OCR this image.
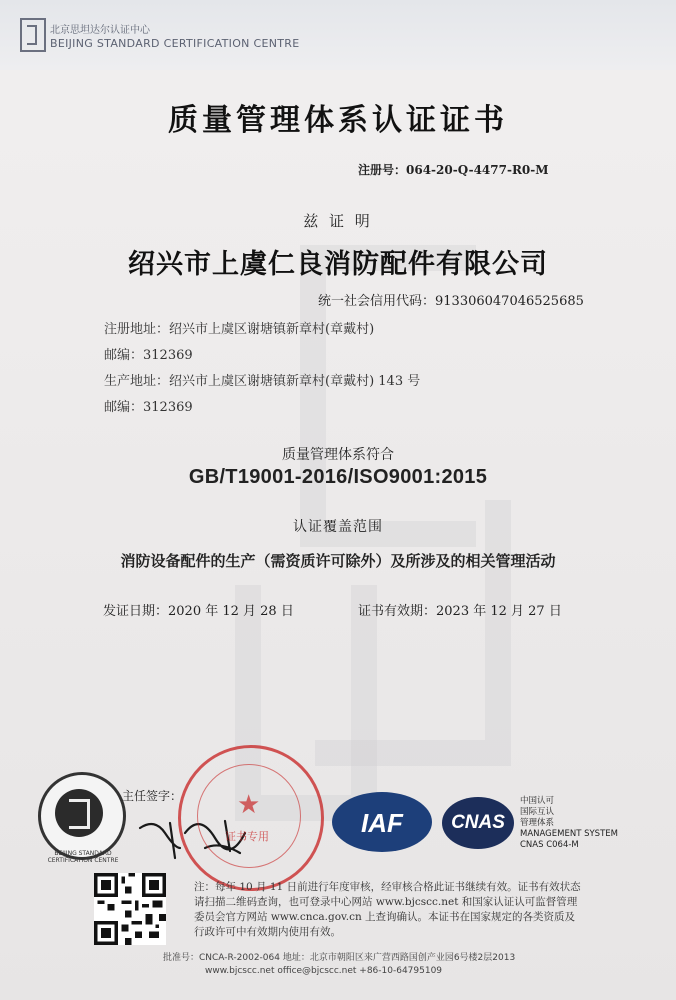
北京思坦达尔认证中心
BEIJING STANDARD CERTIFICATION CENTRE
质量管理体系认证证书
注册号：064-20-Q-4477-R0-M
兹 证 明
绍兴市上虞仁良消防配件有限公司
统一社会信用代码：913306047046525685
注册地址：绍兴市上虞区谢塘镇新章村(章戴村)
邮编：312369
生产地址：绍兴市上虞区谢塘镇新章村(章戴村) 143 号
邮编：312369
质量管理体系符合
GB/T19001-2016/ISO9001:2015
认证覆盖范围
消防设备配件的生产（需资质许可除外）及所涉及的相关管理活动
发证日期：2020 年 12 月 28 日	证书有效期：2023 年 12 月 27 日
BEIJING STANDARD CERTIFICATION CENTRE
主任签字： ★
证书专用	IAF	CNAS
中国认可
国际互认
管理体系
MANAGEMENT SYSTEM
CNAS C064-M
注：每年 10 月 11 日前进行年度审核，经审核合格此证书继续有效。证书有效状态请扫描二维码查询，也可登录中心网站 www.bjcscc.net 和国家认证认可监督管理委员会官方网站 www.cnca.gov.cn 上查询确认。本证书在国家规定的各类资质及行政许可中有效期内使用有效。
批准号：CNCA-R-2002-064 地址：北京市朝阳区来广营西路国创产业园6号楼2层2013
www.bjcscc.net office@bjcscc.net +86-10-64795109
